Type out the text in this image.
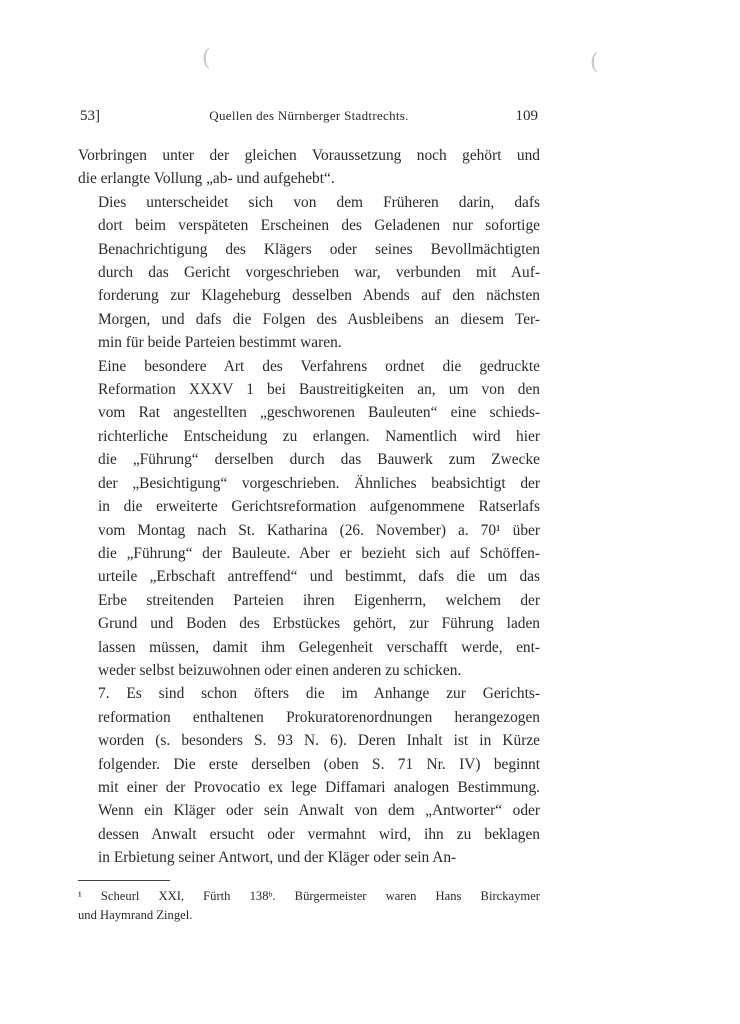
(	(
53]	Quellen des Nürnberger Stadtrechts.	109

Vorbringen unter der gleichen Voraussetzung noch gehört und
die erlangte Vollung „ab- und aufgehebt“.

Dies unterscheidet sich von dem Früheren darin, dafs
dort beim verspäteten Erscheinen des Geladenen nur sofortige
Benachrichtigung des Klägers oder seines Bevollmächtigten
durch das Gericht vorgeschrieben war, verbunden mit Auf-
forderung zur Klageheburg desselben Abends auf den nächsten
Morgen, und dafs die Folgen des Ausbleibens an diesem Ter-
min für beide Parteien bestimmt waren.

Eine besondere Art des Verfahrens ordnet die gedruckte
Reformation XXXV 1 bei Baustreitigkeiten an, um von den
vom Rat angestellten „geschworenen Bauleuten“ eine schieds-
richterliche Entscheidung zu erlangen. Namentlich wird hier
die „Führung“ derselben durch das Bauwerk zum Zwecke
der „Besichtigung“ vorgeschrieben. Ähnliches beabsichtigt der
in die erweiterte Gerichtsreformation aufgenommene Ratserlafs
vom Montag nach St. Katharina (26. November) a. 70¹ über
die „Führung“ der Bauleute. Aber er bezieht sich auf Schöffen-
urteile „Erbschaft antreffend“ und bestimmt, dafs die um das
Erbe streitenden Parteien ihren Eigenherrn, welchem der
Grund und Boden des Erbstückes gehört, zur Führung laden
lassen müssen, damit ihm Gelegenheit verschafft werde, ent-
weder selbst beizuwohnen oder einen anderen zu schicken.

7. Es sind schon öfters die im Anhange zur Gerichts-
reformation enthaltenen Prokuratorenordnungen herangezogen
worden (s. besonders S. 93 N. 6). Deren Inhalt ist in Kürze
folgender. Die erste derselben (oben S. 71 Nr. IV) beginnt
mit einer der Provocatio ex lege Diffamari analogen Bestimmung.
Wenn ein Kläger oder sein Anwalt von dem „Antworter“ oder
dessen Anwalt ersucht oder vermahnt wird, ihn zu beklagen
in Erbietung seiner Antwort, und der Kläger oder sein An-

¹ Scheurl XXI, Fürth 138ᵇ. Bürgermeister waren Hans Birckaymer
und Haymrand Zingel.
